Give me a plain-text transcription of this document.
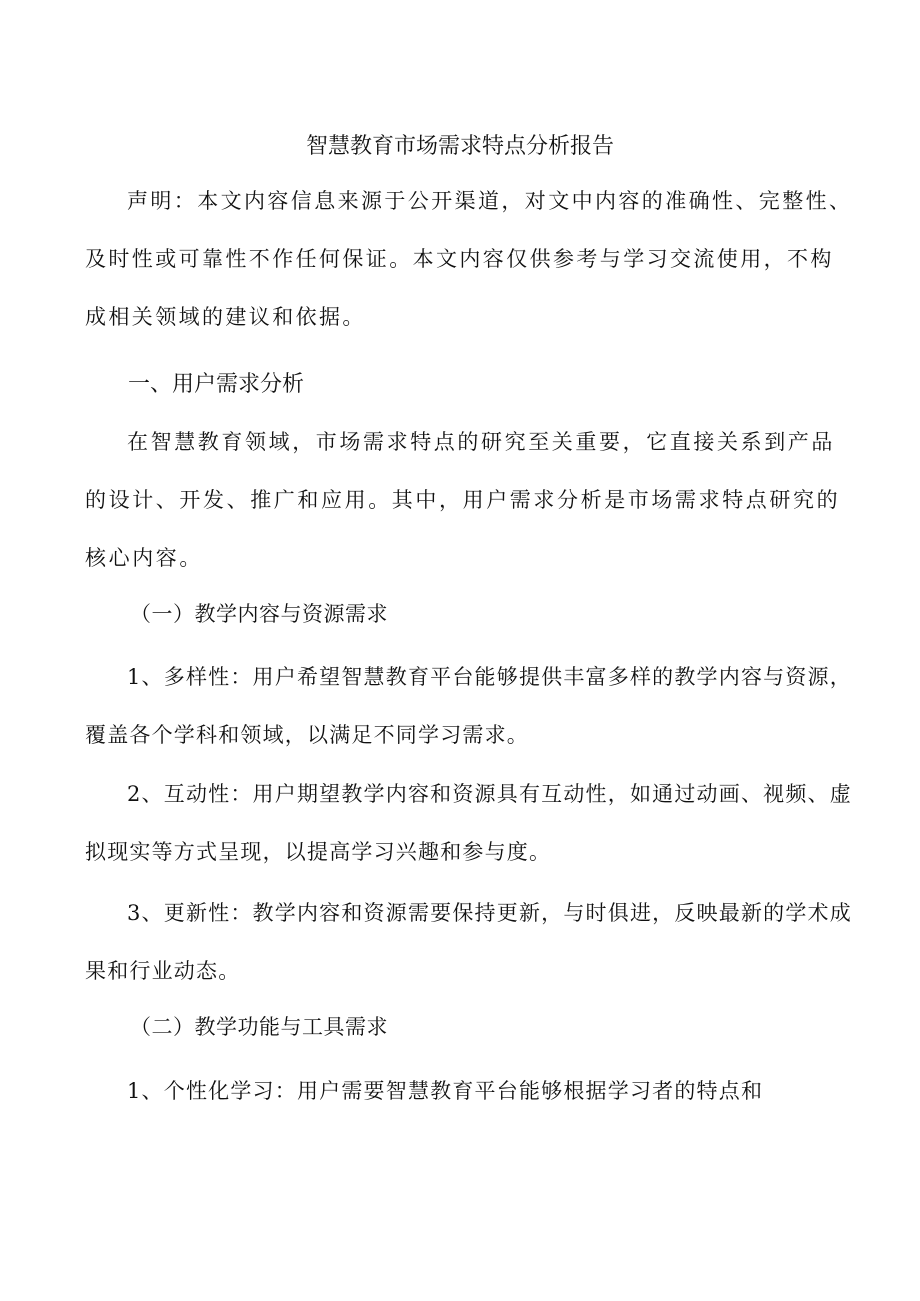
智慧教育市场需求特点分析报告
声明：本文内容信息来源于公开渠道，对文中内容的准确性、完整性、及时性或可靠性不作任何保证。本文内容仅供参考与学习交流使用，不构成相关领域的建议和依据。
一、用户需求分析
在智慧教育领域，市场需求特点的研究至关重要，它直接关系到产品的设计、开发、推广和应用。其中，用户需求分析是市场需求特点研究的核心内容。
（一）教学内容与资源需求
1、多样性：用户希望智慧教育平台能够提供丰富多样的教学内容与资源，覆盖各个学科和领域，以满足不同学习需求。
2、互动性：用户期望教学内容和资源具有互动性，如通过动画、视频、虚拟现实等方式呈现，以提高学习兴趣和参与度。
3、更新性：教学内容和资源需要保持更新，与时俱进，反映最新的学术成果和行业动态。
（二）教学功能与工具需求
1、个性化学习：用户需要智慧教育平台能够根据学习者的特点和
